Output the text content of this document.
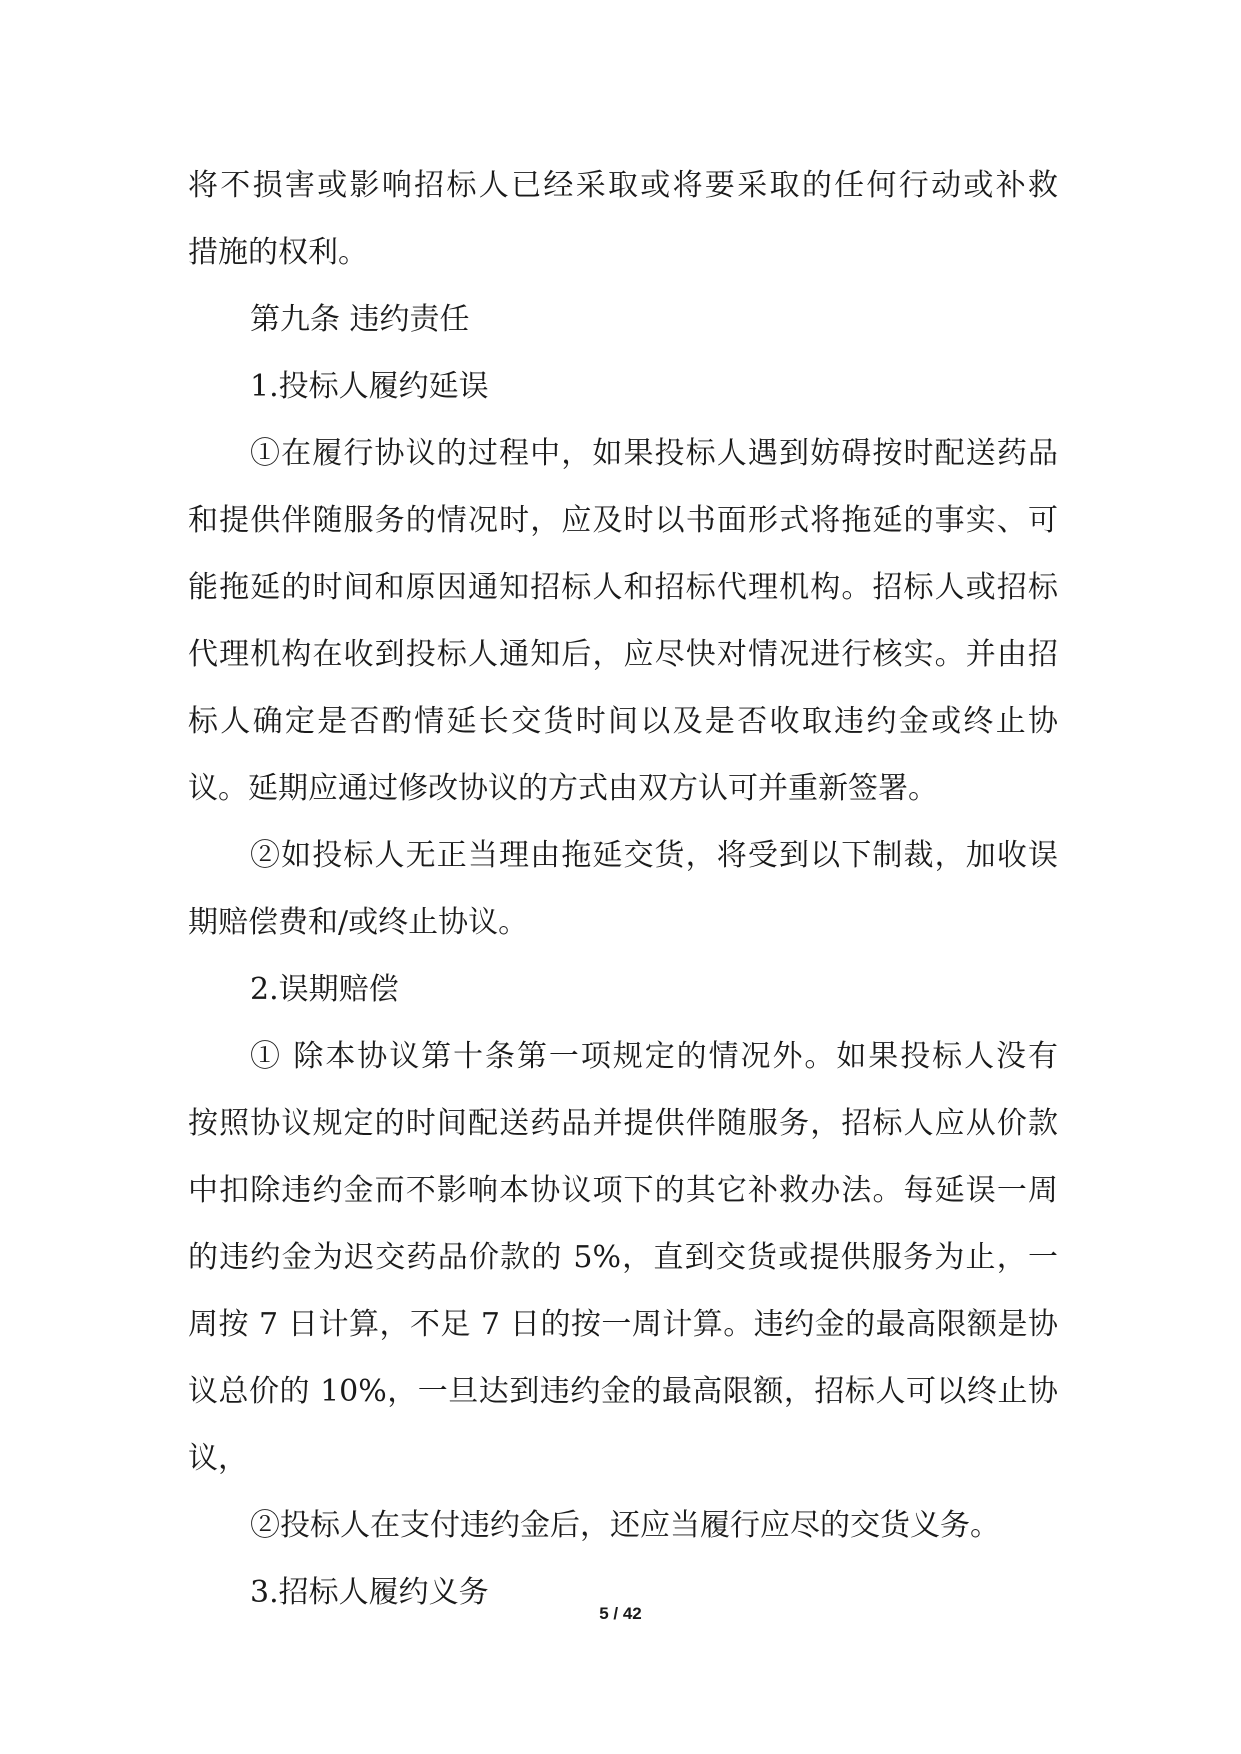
将不损害或影响招标人已经采取或将要采取的任何行动或补救
措施的权利。
第九条 违约责任
1.投标人履约延误
①在履行协议的过程中，如果投标人遇到妨碍按时配送药品
和提供伴随服务的情况时，应及时以书面形式将拖延的事实、可
能拖延的时间和原因通知招标人和招标代理机构。招标人或招标
代理机构在收到投标人通知后，应尽快对情况进行核实。并由招
标人确定是否酌情延长交货时间以及是否收取违约金或终止协
议。延期应通过修改协议的方式由双方认可并重新签署。
②如投标人无正当理由拖延交货，将受到以下制裁，加收误
期赔偿费和/或终止协议。
2.误期赔偿
① 除本协议第十条第一项规定的情况外。如果投标人没有
按照协议规定的时间配送药品并提供伴随服务，招标人应从价款
中扣除违约金而不影响本协议项下的其它补救办法。每延误一周
的违约金为迟交药品价款的 5%，直到交货或提供服务为止，一
周按 7 日计算，不足 7 日的按一周计算。违约金的最高限额是协
议总价的 10%，一旦达到违约金的最高限额，招标人可以终止协
议，
②投标人在支付违约金后，还应当履行应尽的交货义务。
3.招标人履约义务
5 / 42
